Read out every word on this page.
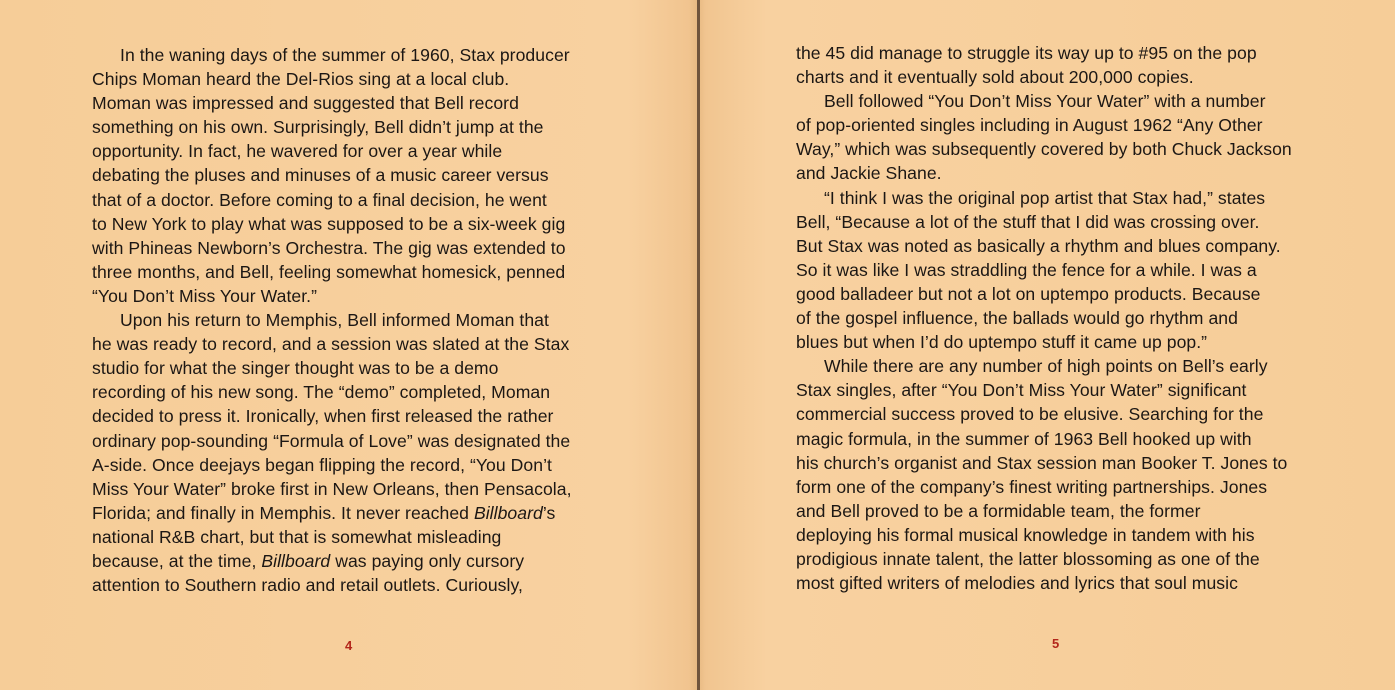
In the waning days of the summer of 1960, Stax producer
Chips Moman heard the Del-Rios sing at a local club.
Moman was impressed and suggested that Bell record
something on his own. Surprisingly, Bell didn’t jump at the
opportunity. In fact, he wavered for over a year while
debating the pluses and minuses of a music career versus
that of a doctor. Before coming to a final decision, he went
to New York to play what was supposed to be a six-week gig
with Phineas Newborn’s Orchestra. The gig was extended to
three months, and Bell, feeling somewhat homesick, penned
“You Don’t Miss Your Water.”
Upon his return to Memphis, Bell informed Moman that
he was ready to record, and a session was slated at the Stax
studio for what the singer thought was to be a demo
recording of his new song. The “demo” completed, Moman
decided to press it. Ironically, when first released the rather
ordinary pop-sounding “Formula of Love” was designated the
A-side. Once deejays began flipping the record, “You Don’t
Miss Your Water” broke first in New Orleans, then Pensacola,
Florida; and finally in Memphis. It never reached Billboard’s
national R&B chart, but that is somewhat misleading
because, at the time, Billboard was paying only cursory
attention to Southern radio and retail outlets. Curiously,
4
the 45 did manage to struggle its way up to #95 on the pop
charts and it eventually sold about 200,000 copies.
Bell followed “You Don’t Miss Your Water” with a number
of pop-oriented singles including in August 1962 “Any Other
Way,” which was subsequently covered by both Chuck Jackson
and Jackie Shane.
“I think I was the original pop artist that Stax had,” states
Bell, “Because a lot of the stuff that I did was crossing over.
But Stax was noted as basically a rhythm and blues company.
So it was like I was straddling the fence for a while. I was a
good balladeer but not a lot on uptempo products. Because
of the gospel influence, the ballads would go rhythm and
blues but when I’d do uptempo stuff it came up pop.”
While there are any number of high points on Bell’s early
Stax singles, after “You Don’t Miss Your Water” significant
commercial success proved to be elusive. Searching for the
magic formula, in the summer of 1963 Bell hooked up with
his church’s organist and Stax session man Booker T. Jones to
form one of the company’s finest writing partnerships. Jones
and Bell proved to be a formidable team, the former
deploying his formal musical knowledge in tandem with his
prodigious innate talent, the latter blossoming as one of the
most gifted writers of melodies and lyrics that soul music
5
